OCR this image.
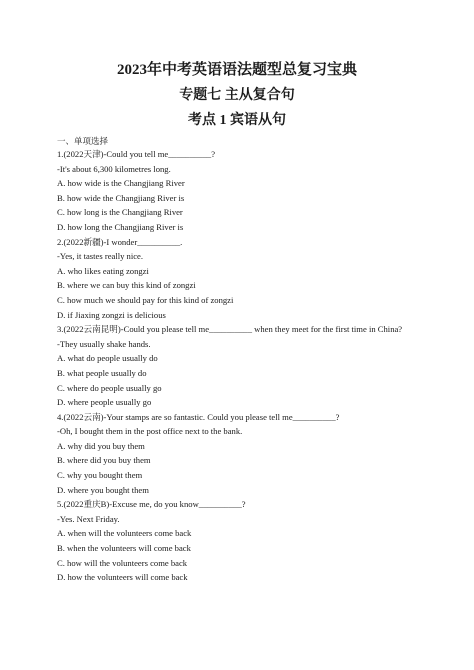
2023年中考英语语法题型总复习宝典
专题七 主从复合句
考点 1 宾语从句
一、单项选择
1.(2022天津)-Could you tell me__________?
-It's about 6,300 kilometres long.
A. how wide is the Changjiang River
B. how wide the Changjiang River is
C. how long is the Changjiang River
D. how long the Changjiang River is
2.(2022新疆)-I wonder__________.
-Yes, it tastes really nice.
A. who likes eating zongzi
B. where we can buy this kind of zongzi
C. how much we should pay for this kind of zongzi
D. if Jiaxing zongzi is delicious
3.(2022云南昆明)-Could you please tell me__________ when they meet for the first time in China?
-They usually shake hands.
A. what do people usually do
B. what people usually do
C. where do people usually go
D. where people usually go
4.(2022云南)-Your stamps are so fantastic. Could you please tell me__________?
-Oh, I bought them in the post office next to the bank.
A. why did you buy them
B. where did you buy them
C. why you bought them
D. where you bought them
5.(2022重庆B)-Excuse me, do you know__________?
-Yes. Next Friday.
A. when will the volunteers come back
B. when the volunteers will come back
C. how will the volunteers come back
D. how the volunteers will come back
